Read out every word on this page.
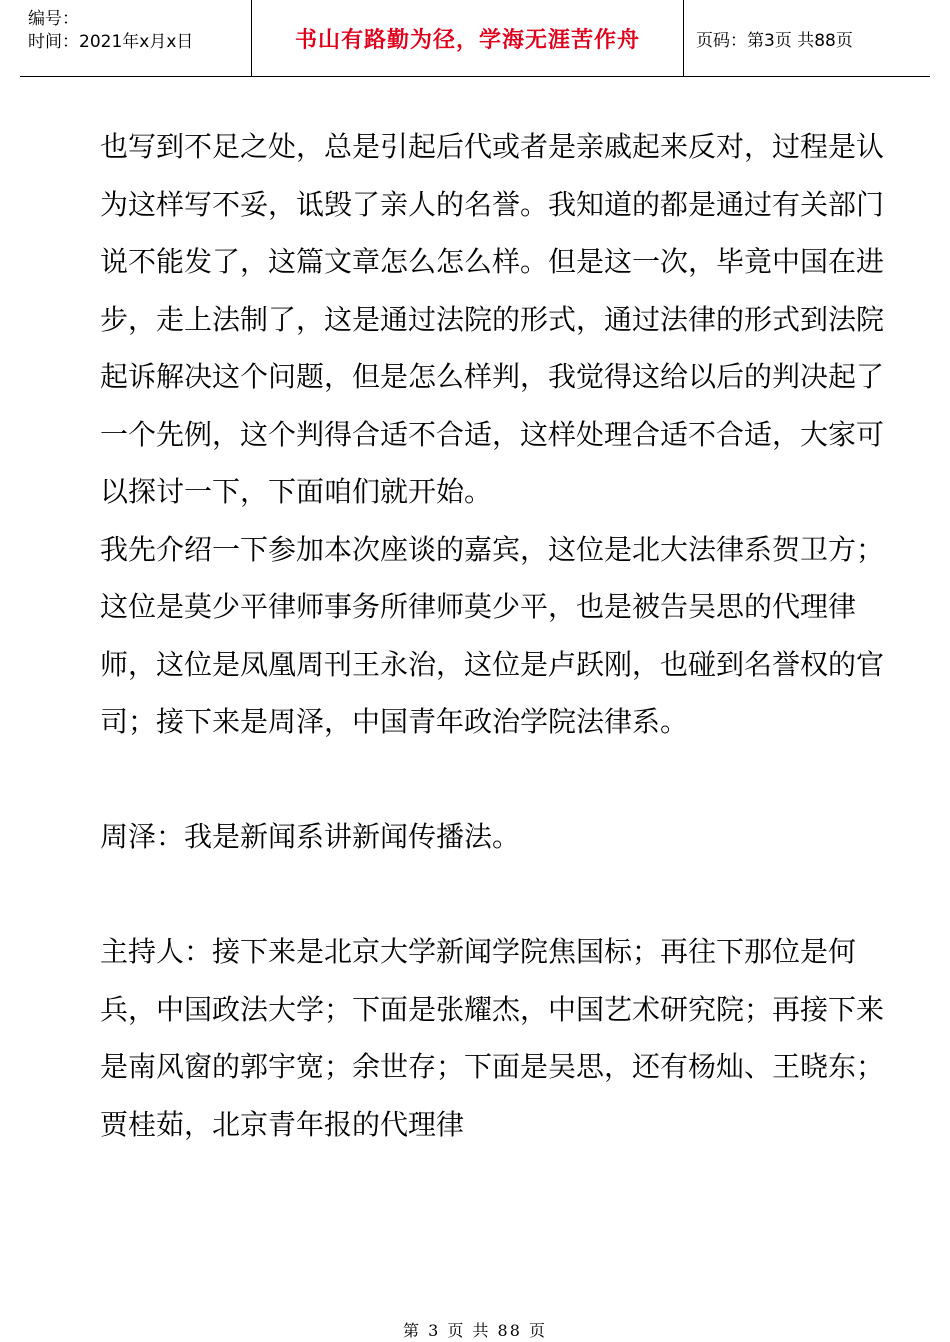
编号：
时间：2021年x月x日	书山有路勤为径，学海无涯苦作舟	页码：第3页 共88页

也写到不足之处，总是引起后代或者是亲戚起来反对，过程是认为这样写不妥，诋毁了亲人的名誉。我知道的都是通过有关部门说不能发了，这篇文章怎么怎么样。但是这一次，毕竟中国在进步，走上法制了，这是通过法院的形式，通过法律的形式到法院起诉解决这个问题，但是怎么样判，我觉得这给以后的判决起了一个先例，这个判得合适不合适，这样处理合适不合适，大家可以探讨一下，下面咱们就开始。

我先介绍一下参加本次座谈的嘉宾，这位是北大法律系贺卫方；这位是莫少平律师事务所律师莫少平，也是被告吴思的代理律师，这位是凤凰周刊王永治，这位是卢跃刚，也碰到名誉权的官司；接下来是周泽，中国青年政治学院法律系。

周泽：我是新闻系讲新闻传播法。

主持人：接下来是北京大学新闻学院焦国标；再往下那位是何兵，中国政法大学；下面是张耀杰，中国艺术研究院；再接下来是南风窗的郭宇宽；余世存；下面是吴思，还有杨灿、王晓东；贾桂茹，北京青年报的代理律

第 3 页 共 88 页
